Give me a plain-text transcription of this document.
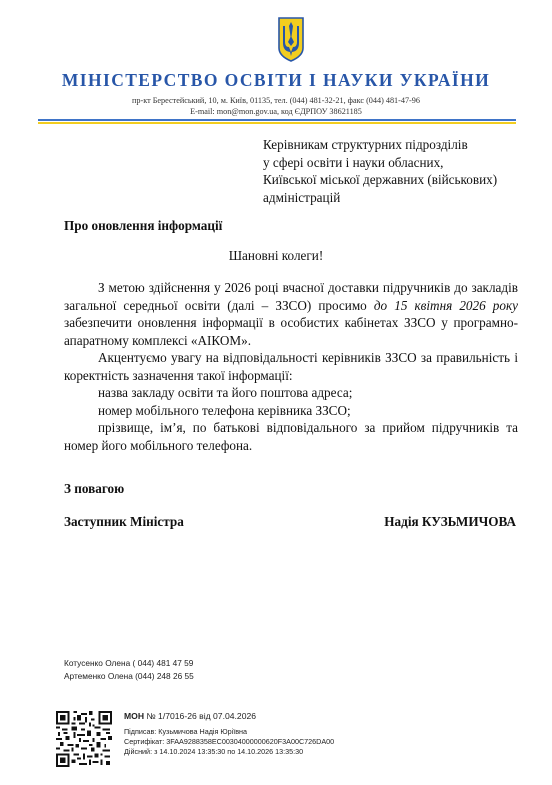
МІНІСТЕРСТВО ОСВІТИ І НАУКИ УКРАЇНИ
пр-кт Берестейський, 10, м. Київ, 01135, тел. (044) 481-32-21, факс (044) 481-47-96
E-mail: mon@mon.gov.ua, код ЄДРПОУ 38621185
Керівникам структурних підрозділів
у сфері освіти і науки обласних,
Київської міської державних (військових)
адміністрацій
Про оновлення інформації
Шановні колеги!

З метою здійснення у 2026 році вчасної доставки підручників до закладів загальної середньої освіти (далі – ЗЗСО) просимо до 15 квітня 2026 року забезпечити оновлення інформації в особистих кабінетах ЗЗСО у програмно-апаратному комплексі «АІКОМ».

Акцентуємо увагу на відповідальності керівників ЗЗСО за правильність і коректність зазначення такої інформації:

назва закладу освіти та його поштова адреса;

номер мобільного телефона керівника ЗЗСО;

прізвище, ім’я, по батькові відповідального за прийом підручників та номер його мобільного телефона.

З повагою
Заступник Міністра	Надія КУЗЬМИЧОВА
Котусенко Олена ( 044) 481 47 59
Артеменко Олена (044) 248 26 55
МОН № 1/7016-26 від 07.04.2026
Підписав: Кузьмичова Надія Юріївна
Сертифікат: 3FAA9288358EC00304000000620F3A00C726DA00
Дійсний: з 14.10.2024 13:35:30 по 14.10.2026 13:35:30
